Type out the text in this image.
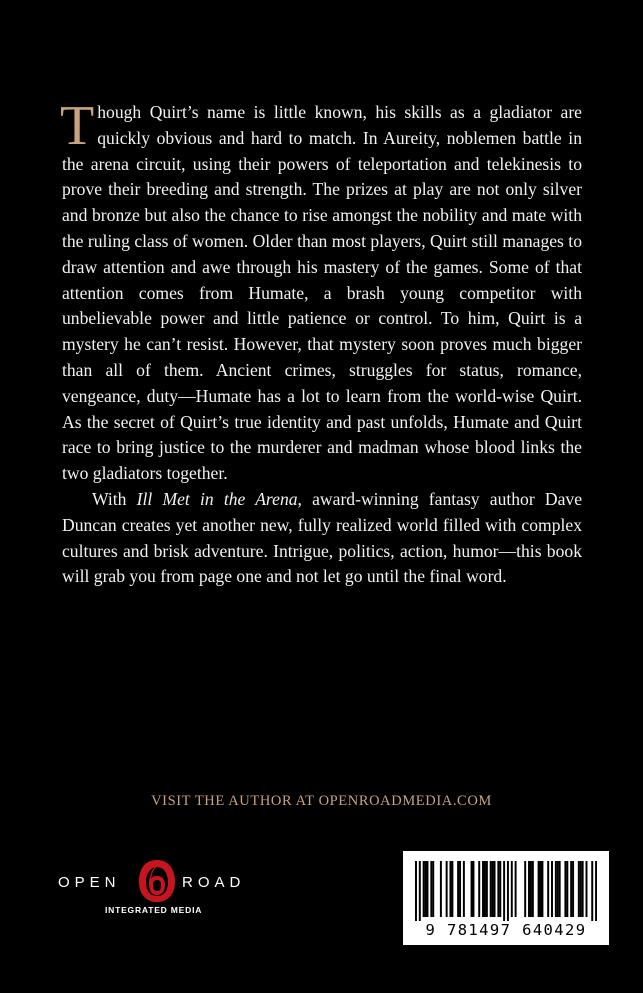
Though Quirt’s name is little known, his skills as a gladiator are quickly obvious and hard to match. In Aureity, noblemen battle in the arena circuit, using their powers of teleportation and telekinesis to prove their breeding and strength. The prizes at play are not only silver and bronze but also the chance to rise amongst the nobility and mate with the ruling class of women. Older than most players, Quirt still manages to draw attention and awe through his mastery of the games. Some of that attention comes from Humate, a brash young competitor with unbelievable power and little patience or control. To him, Quirt is a mystery he can’t resist. However, that mystery soon proves much bigger than all of them. Ancient crimes, struggles for status, romance, vengeance, duty—Humate has a lot to learn from the world-wise Quirt. As the secret of Quirt’s true identity and past unfolds, Humate and Quirt race to bring justice to the murderer and madman whose blood links the two gladiators together.

With Ill Met in the Arena, award-winning fantasy author Dave Duncan creates yet another new, fully realized world filled with complex cultures and brisk adventure. Intrigue, politics, action, humor—this book will grab you from page one and not let go until the final word.

VISIT THE AUTHOR AT OPENROADMEDIA.COM
OPEN	ROAD
INTEGRATED MEDIA
9 781497 640429
